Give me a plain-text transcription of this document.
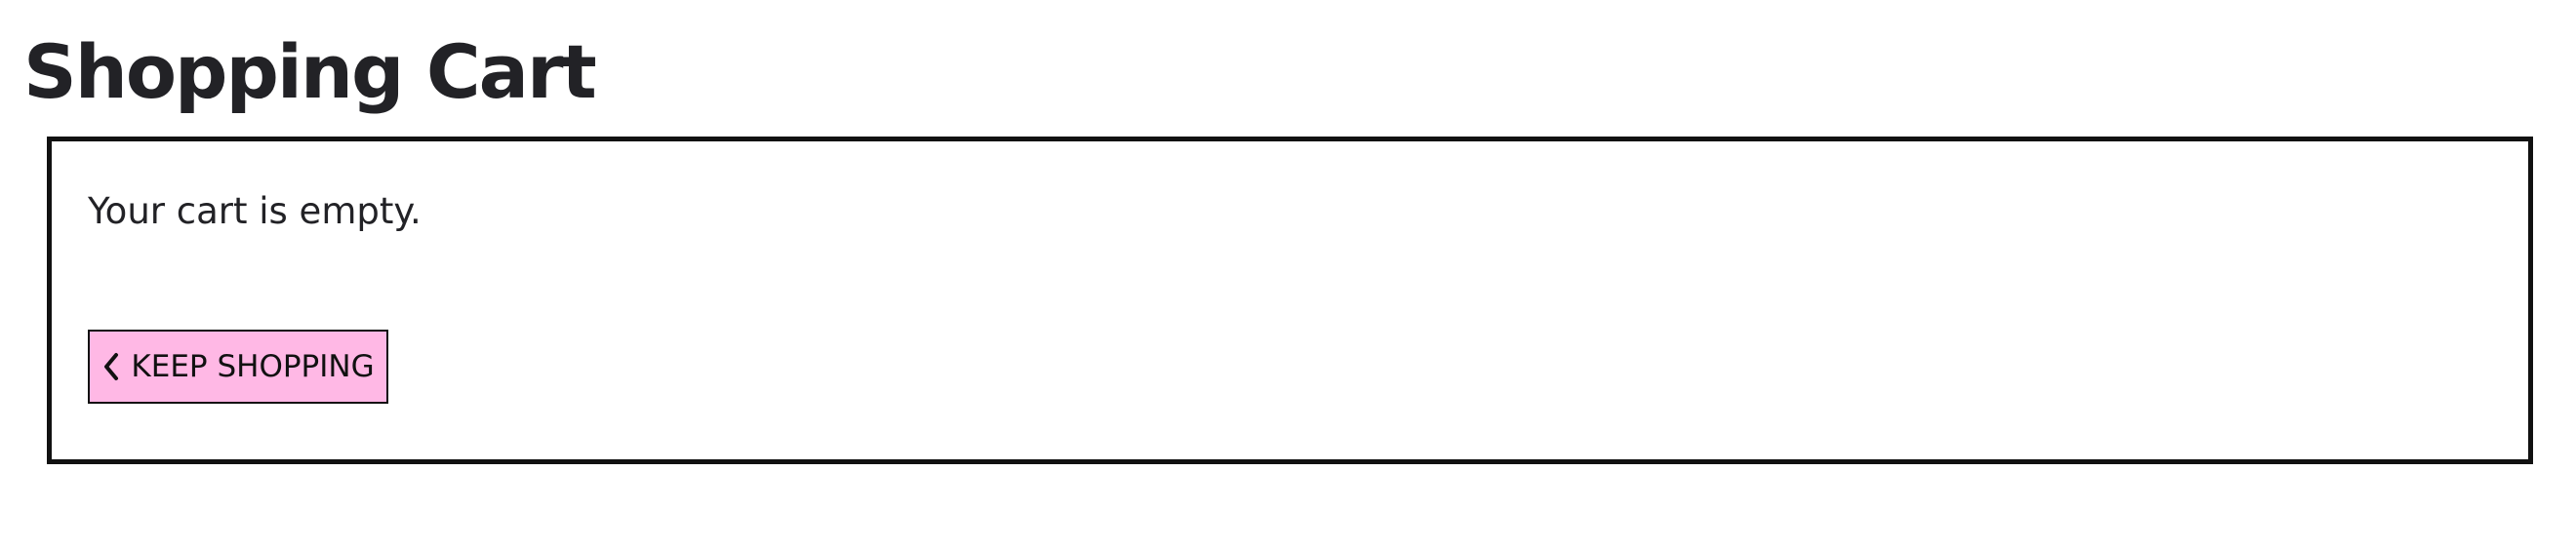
Shopping Cart

Your cart is empty.

KEEP SHOPPING
